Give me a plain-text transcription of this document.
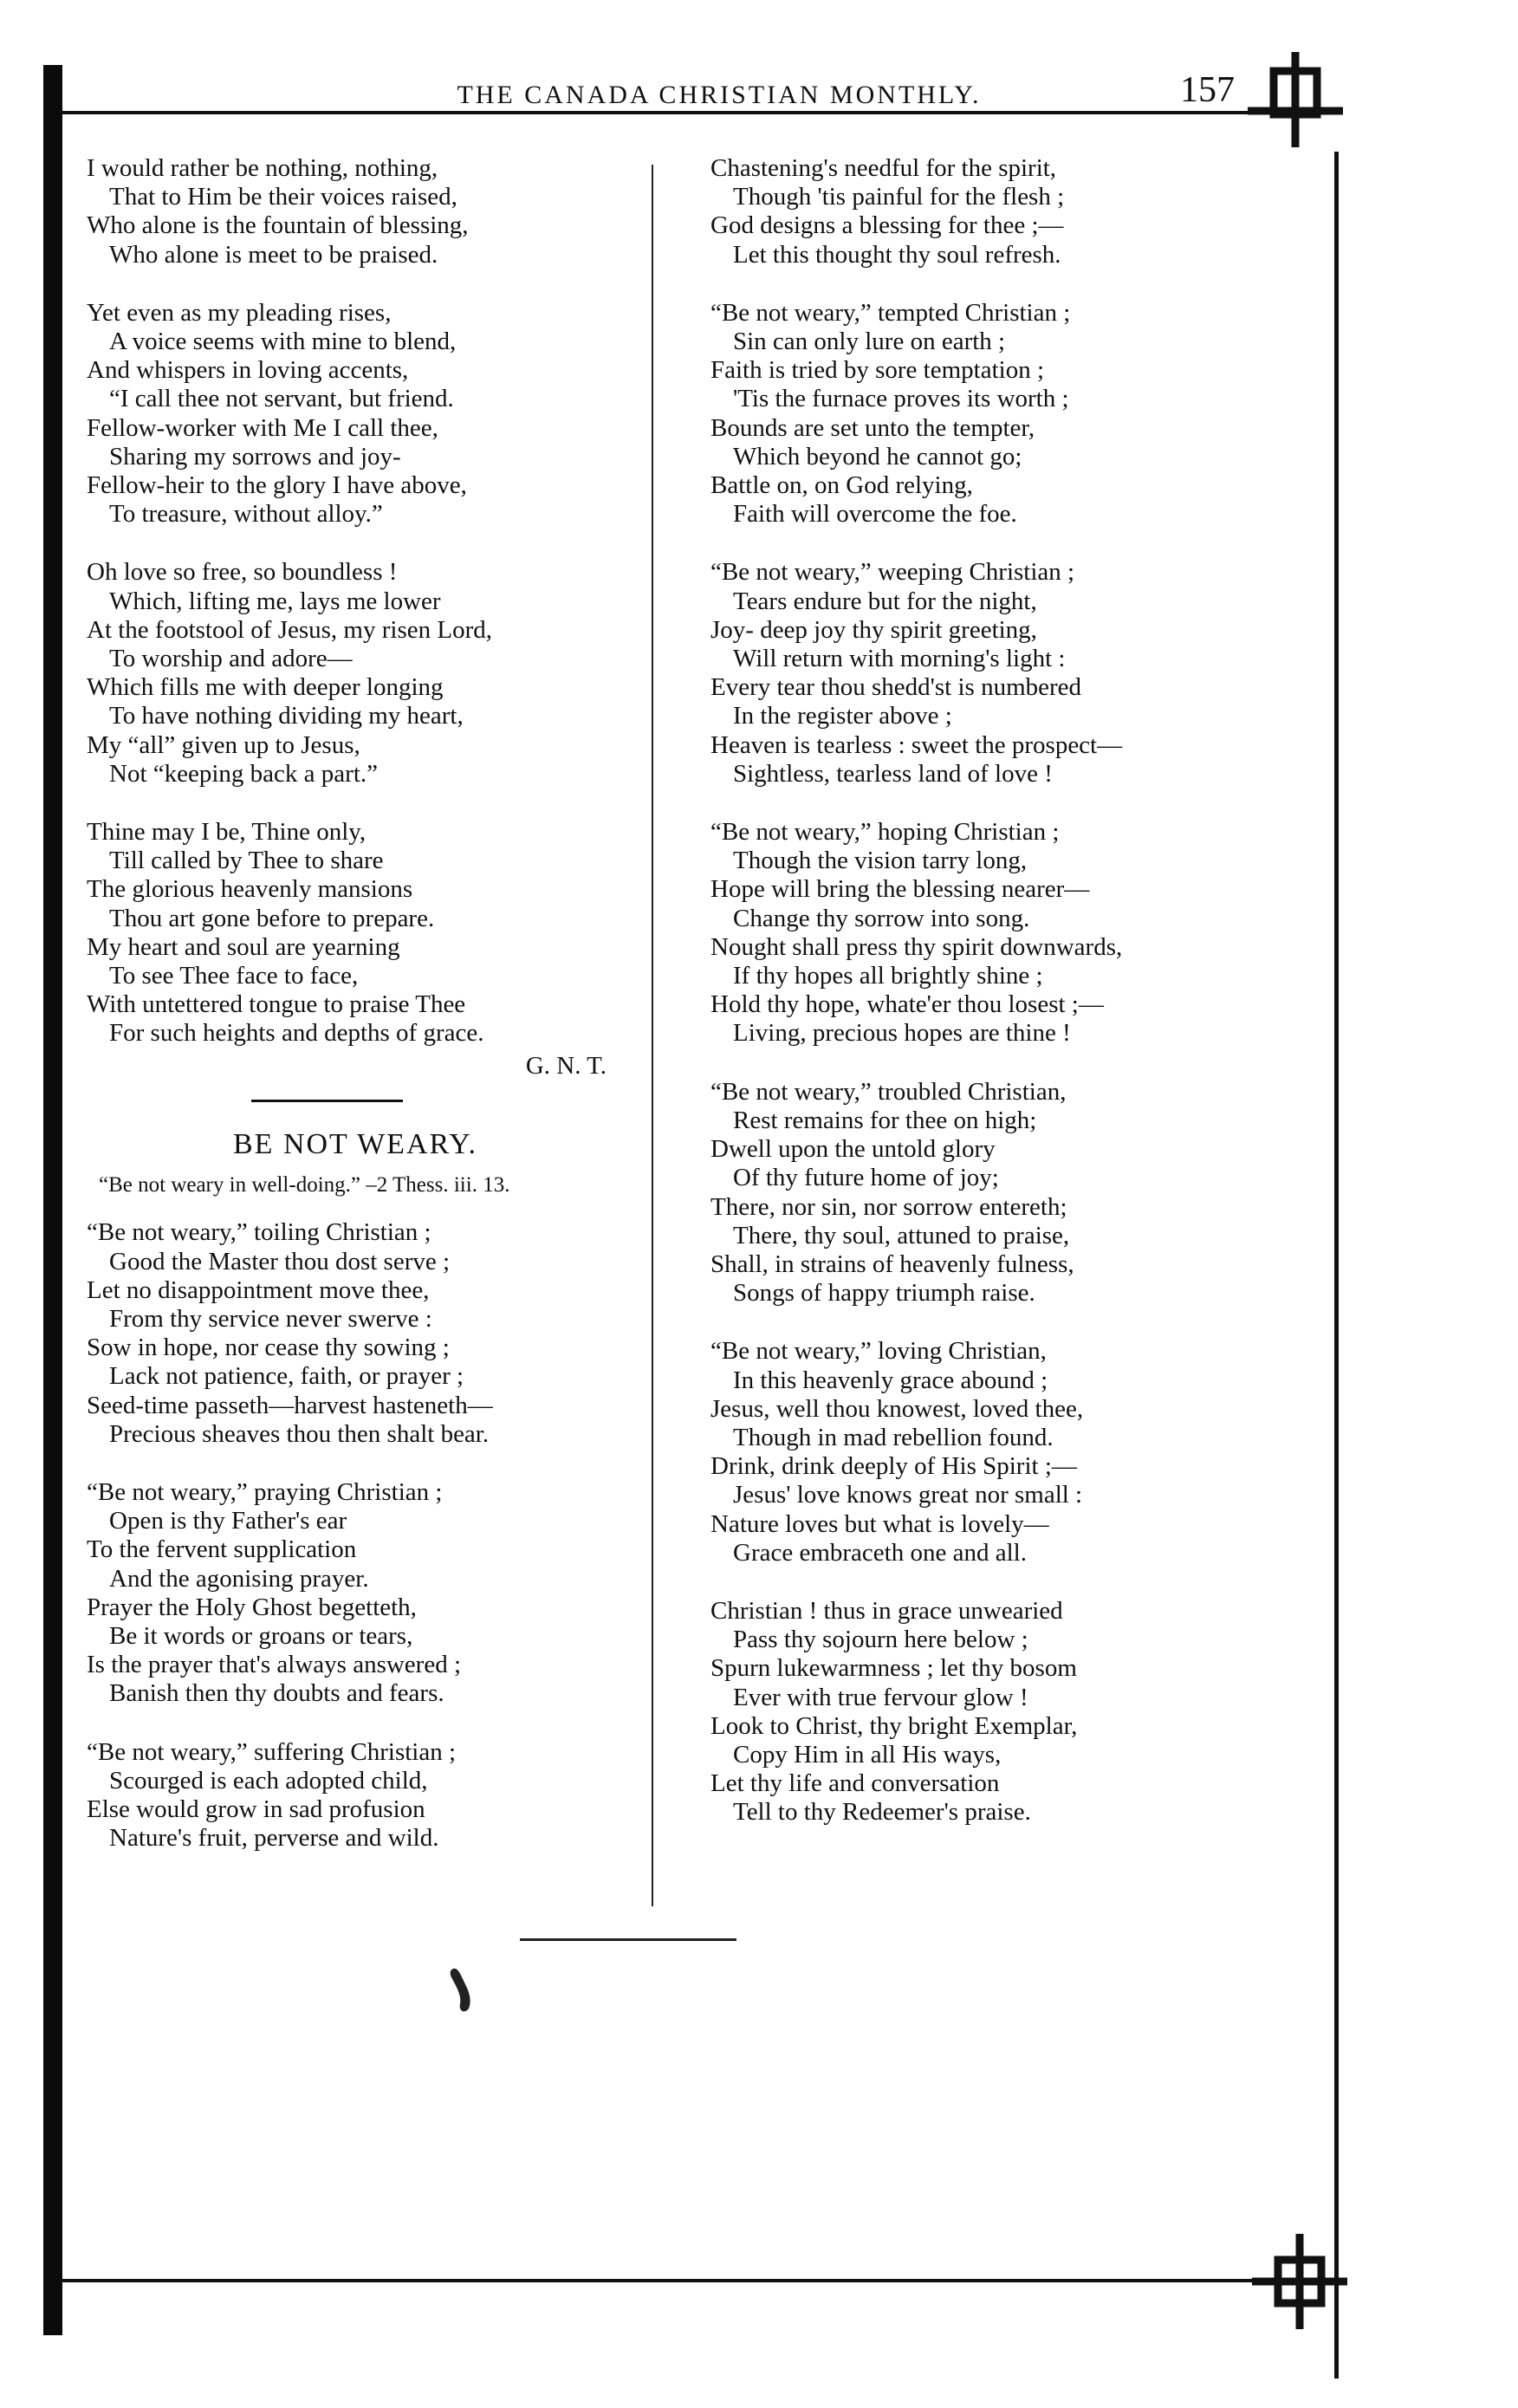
THE CANADA CHRISTIAN MONTHLY.	157
I would rather be nothing, nothing,
That to Him be their voices raised,
Who alone is the fountain of blessing,
Who alone is meet to be praised.
Yet even as my pleading rises,
A voice seems with mine to blend,
And whispers in loving accents,
“I call thee not servant, but friend.
Fellow-worker with Me I call thee,
Sharing my sorrows and joy-
Fellow-heir to the glory I have above,
To treasure, without alloy.”
Oh love so free, so boundless !
Which, lifting me, lays me lower
At the footstool of Jesus, my risen Lord,
To worship and adore—
Which fills me with deeper longing
To have nothing dividing my heart,
My “all” given up to Jesus,
Not “keeping back a part.”
Thine may I be, Thine only,
Till called by Thee to share
The glorious heavenly mansions
Thou art gone before to prepare.
My heart and soul are yearning
To see Thee face to face,
With untettered tongue to praise Thee
For such heights and depths of grace.
G. N. T.
BE NOT WEARY.
“Be not weary in well-doing.” –2 Thess. iii. 13.
“Be not weary,” toiling Christian ;
Good the Master thou dost serve ;
Let no disappointment move thee,
From thy service never swerve :
Sow in hope, nor cease thy sowing ;
Lack not patience, faith, or prayer ;
Seed-time passeth—harvest hasteneth—
Precious sheaves thou then shalt bear.
“Be not weary,” praying Christian ;
Open is thy Father's ear
To the fervent supplication
And the agonising prayer.
Prayer the Holy Ghost begetteth,
Be it words or groans or tears,
Is the prayer that's always answered ;
Banish then thy doubts and fears.
“Be not weary,” suffering Christian ;
Scourged is each adopted child,
Else would grow in sad profusion
Nature's fruit, perverse and wild.
Chastening's needful for the spirit,
Though 'tis painful for the flesh ;
God designs a blessing for thee ;—
Let this thought thy soul refresh.
“Be not weary,” tempted Christian ;
Sin can only lure on earth ;
Faith is tried by sore temptation ;
'Tis the furnace proves its worth ;
Bounds are set unto the tempter,
Which beyond he cannot go;
Battle on, on God relying,
Faith will overcome the foe.
“Be not weary,” weeping Christian ;
Tears endure but for the night,
Joy- deep joy thy spirit greeting,
Will return with morning's light :
Every tear thou shedd'st is numbered
In the register above ;
Heaven is tearless : sweet the prospect—
Sightless, tearless land of love !
“Be not weary,” hoping Christian ;
Though the vision tarry long,
Hope will bring the blessing nearer—
Change thy sorrow into song.
Nought shall press thy spirit downwards,
If thy hopes all brightly shine ;
Hold thy hope, whate'er thou losest ;—
Living, precious hopes are thine !
“Be not weary,” troubled Christian,
Rest remains for thee on high;
Dwell upon the untold glory
Of thy future home of joy;
There, nor sin, nor sorrow entereth;
There, thy soul, attuned to praise,
Shall, in strains of heavenly fulness,
Songs of happy triumph raise.
“Be not weary,” loving Christian,
In this heavenly grace abound ;
Jesus, well thou knowest, loved thee,
Though in mad rebellion found.
Drink, drink deeply of His Spirit ;—
Jesus' love knows great nor small :
Nature loves but what is lovely—
Grace embraceth one and all.
Christian ! thus in grace unwearied
Pass thy sojourn here below ;
Spurn lukewarmness ; let thy bosom
Ever with true fervour glow !
Look to Christ, thy bright Exemplar,
Copy Him in all His ways,
Let thy life and conversation
Tell to thy Redeemer's praise.
